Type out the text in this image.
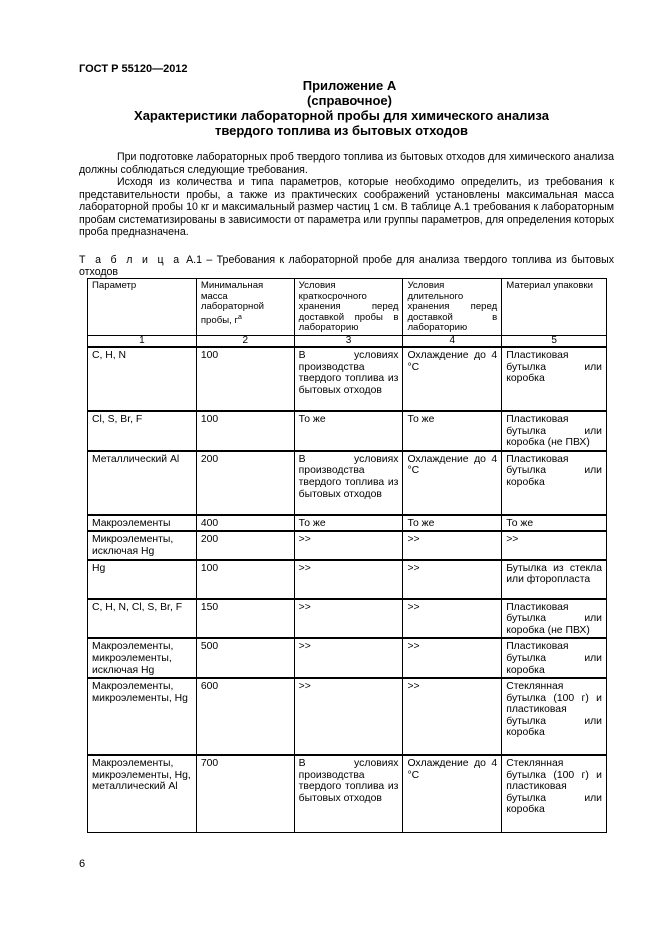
ГОСТ Р 55120—2012
Приложение А
(справочное)
Характеристики лабораторной пробы для химического анализа
твердого топлива из бытовых отходов

При подготовке лабораторных проб твердого топлива из бытовых отходов для химического анализа должны соблюдаться следующие требования.

Исходя из количества и типа параметров, которые необходимо определить, из требования к представительности пробы, а также из практических соображений установлены максимальная масса лабораторной пробы 10 кг и максимальный размер частиц 1 см. В таблице А.1 требования к лабораторным пробам систематизированы в зависимости от параметра или группы параметров, для определения которых проба предназначена.

Т а б л и ц а А.1 – Требования к лабораторной пробе для анализа твердого топлива из бытовых отходов
Параметр	Минимальная масса лабораторной пробы, $г^а$	Условия краткосрочного хранения перед доставкой пробы в лабораторию	Условия длительного хранения перед доставкой в лабораторию	Материал упаковки
1	2	3	4	5
C, H, N	100	В условиях производства твердого топлива из бытовых отходов	Охлаждение до 4 °С	Пластиковая бутылка или коробка
Cl, S, Br, F	100	То же	То же	Пластиковая бутылка или коробка (не ПВХ)
Металлический Al	200	В условиях производства твердого топлива из бытовых отходов	Охлаждение до 4 °С	Пластиковая бутылка или коробка
Макроэлементы	400	То же	То же	То же
Микроэлементы, исключая Hg	200	>>	>>	>>
Hg	100	>>	>>	Бутылка из стекла или фторопласта
C, H, N, Cl, S, Br, F	150	>>	>>	Пластиковая бутылка или коробка (не ПВХ)
Макроэлементы, микроэлементы, исключая Hg	500	>>	>>	Пластиковая бутылка или коробка
Макроэлементы, микроэлементы, Hg	600	>>	>>	Стеклянная бутылка (100 г) и пластиковая бутылка или коробка
Макроэлементы, микроэлементы, Hg, металлический Al	700	В условиях производства твердого топлива из бытовых отходов	Охлаждение до 4 °С	Стеклянная бутылка (100 г) и пластиковая бутылка или коробка
6
